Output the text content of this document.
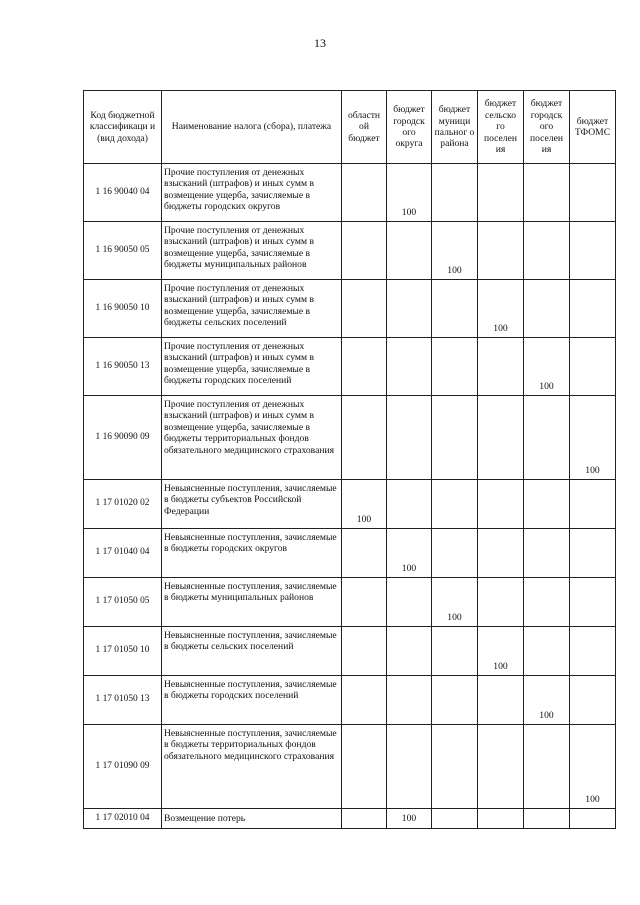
13
Код бюджетной классификаци и (вид дохода)	Наименование налога (сбора), платежа	областн ой бюджет	бюджет городск ого округа	бюджет муници пальног о района	бюджет сельско го поселен ия	бюджет городск ого поселен ия	бюджет ТФОМС
1 16 90040 04	Прочие поступления от денежных взысканий (штрафов) и иных сумм в возмещение ущерба, зачисляемые в бюджеты городских округов		100				
1 16 90050 05	Прочие поступления от денежных взысканий (штрафов) и иных сумм в возмещение ущерба, зачисляемые в бюджеты муниципальных районов			100			
1 16 90050 10	Прочие поступления от денежных взысканий (штрафов) и иных сумм в возмещение ущерба, зачисляемые в бюджеты сельских поселений				100		
1 16 90050 13	Прочие поступления от денежных взысканий (штрафов) и иных сумм в возмещение ущерба, зачисляемые в бюджеты городских поселений					100	
1 16 90090 09	Прочие поступления от денежных взысканий (штрафов) и иных сумм в возмещение ущерба, зачисляемые в бюджеты территориальных фондов обязательного медицинского страхования						100
1 17 01020 02	Невыясненные поступления, зачисляемые в бюджеты субъектов Российской Федерации	100					
1 17 01040 04	Невыясненные поступления, зачисляемые в бюджеты городских округов		100				
1 17 01050 05	Невыясненные поступления, зачисляемые в бюджеты муниципальных районов			100			
1 17 01050 10	Невыясненные поступления, зачисляемые в бюджеты сельских поселений				100		
1 17 01050 13	Невыясненные поступления, зачисляемые в бюджеты городских поселений					100	
1 17 01090 09	Невыясненные поступления, зачисляемые в бюджеты территориальных фондов обязательного медицинского страхования						100
1 17 02010 04	Возмещение потерь		100				
